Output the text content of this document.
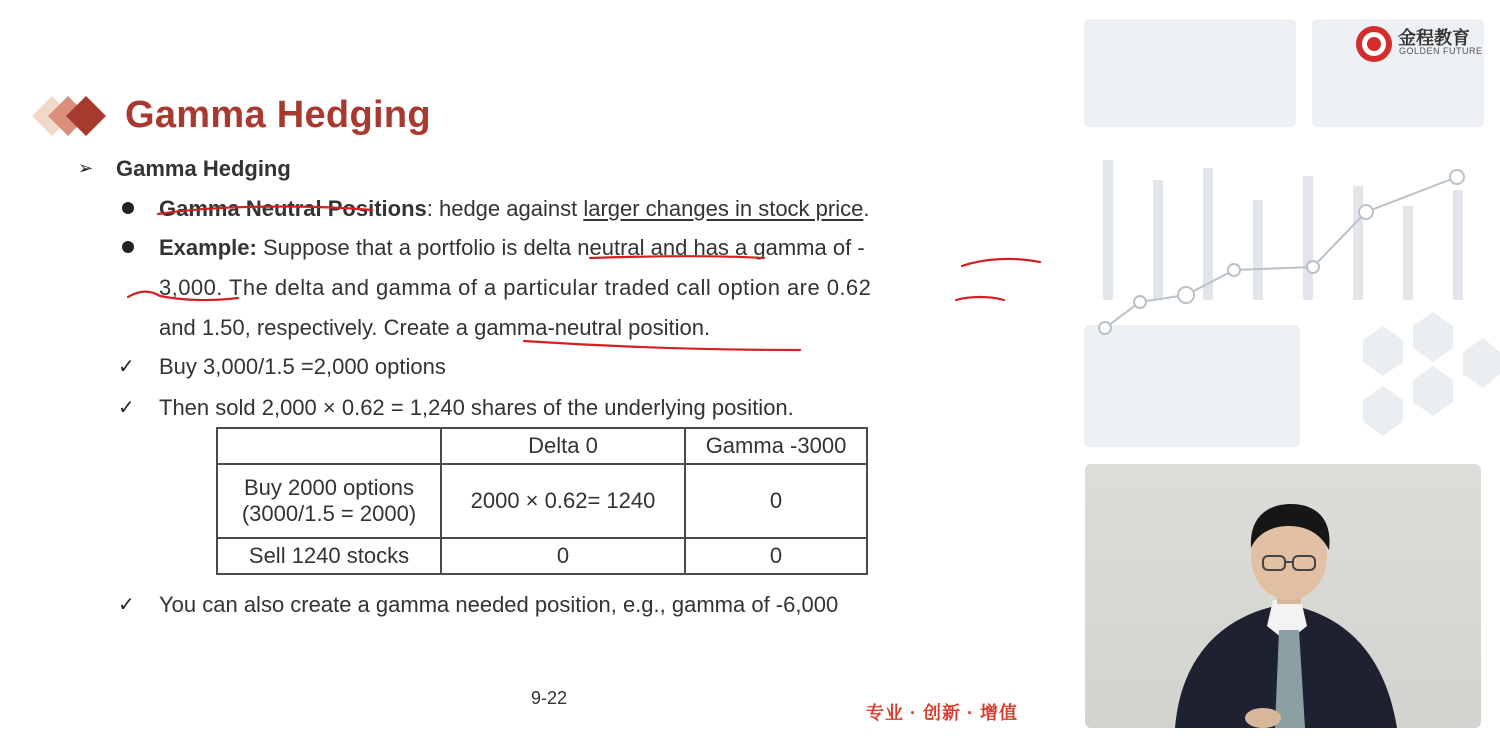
Gamma Hedging
➢ Gamma Hedging
Gamma Neutral Positions: hedge against larger changes in stock price.
Example: Suppose that a portfolio is delta neutral and has a gamma of -
3,000. The delta and gamma of a particular traded call option are 0.62
and 1.50, respectively. Create a gamma-neutral position.
✓ Buy 3,000/1.5 =2,000 options
✓ Then sold 2,000 × 0.62 = 1,240 shares of the underlying position.
	Delta 0	Gamma -3000

Buy 2000 options
(3000/1.5 = 2000)	2000 × 0.62= 1240	0
Sell 1240 stocks	0	0
✓ You can also create a gamma needed position, e.g., gamma of -6,000
9-22
专业 · 创新 · 增值
金程教育
GOLDEN FUTURE
